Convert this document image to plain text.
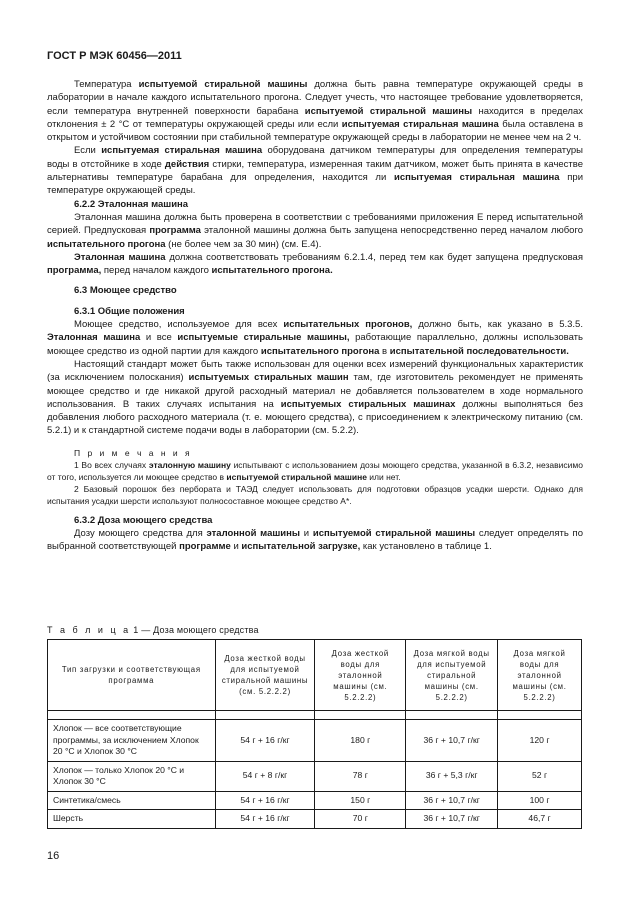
ГОСТ Р МЭК 60456—2011

Температура испытуемой стиральной машины должна быть равна температуре окружающей среды в лаборатории в начале каждого испытательного прогона. Следует учесть, что настоящее требование удовлетворяется, если температура внутренней поверхности барабана испытуемой стиральной машины находится в пределах отклонения ± 2 °С от температуры окружающей среды или если испытуемая стиральная машина была оставлена в открытом и устойчивом состоянии при стабильной температуре окружающей среды в лаборатории не менее чем на 2 ч.

Если испытуемая стиральная машина оборудована датчиком температуры для определения температуры воды в отстойнике в ходе действия стирки, температура, измеренная таким датчиком, может быть принята в качестве альтернативы температуре барабана для определения, находится ли испытуемая стиральная машина при температуре окружающей среды.

6.2.2 Эталонная машина

Эталонная машина должна быть проверена в соответствии с требованиями приложения Е перед испытательной серией. Предпусковая программа эталонной машины должна быть запущена непосредственно перед началом любого испытательного прогона (не более чем за 30 мин) (см. Е.4).

Эталонная машина должна соответствовать требованиям 6.2.1.4, перед тем как будет запущена предпусковая программа, перед началом каждого испытательного прогона.

6.3 Моющее средство

6.3.1 Общие положения

Моющее средство, используемое для всех испытательных прогонов, должно быть, как указано в 5.3.5. Эталонная машина и все испытуемые стиральные машины, работающие параллельно, должны использовать моющее средство из одной партии для каждого испытательного прогона в испытательной последовательности.

Настоящий стандарт может быть также использован для оценки всех измерений функциональных характеристик (за исключением полоскания) испытуемых стиральных машин там, где изготовитель рекомендует не применять моющее средство и где никакой другой расходный материал не добавляется пользователем в ходе нормального использования. В таких случаях испытания на испытуемых стиральных машинах должны выполняться без добавления любого расходного материала (т. е. моющего средства), с присоединением к электрическому питанию (см. 5.2.1) и к стандартной системе подачи воды в лаборатории (см. 5.2.2).

П р и м е ч а н и я

1 Во всех случаях эталонную машину испытывают с использованием дозы моющего средства, указанной в 6.3.2, независимо от того, используется ли моющее средство в испытуемой стиральной машине или нет.

2 Базовый порошок без пербората и ТАЭД следует использовать для подготовки образцов усадки шерсти. Однако для испытания усадки шерсти используют полносоставное моющее средство А*.

6.3.2 Доза моющего средства

Дозу моющего средства для эталонной машины и испытуемой стиральной машины следует определять по выбранной соответствующей программе и испытательной загрузке, как установлено в таблице 1.

Т а б л и ц а 1 — Доза моющего средства
Тип загрузки и соответствующая программа	Доза жесткой воды для испытуемой стиральной машины (см. 5.2.2.2)	Доза жесткой воды для эталонной машины (см. 5.2.2.2)	Доза мягкой воды для испытуемой стиральной машины (см. 5.2.2.2)	Доза мягкой воды для эталонной машины (см. 5.2.2.2)

Хлопок — все соответствующие программы, за исключением Хлопок 20 °С и Хлопок 30 °С	54 г + 16 г/кг	180 г	36 г + 10,7 г/кг	120 г
Хлопок — только Хлопок 20 °С и Хлопок 30 °С	54 г + 8 г/кг	78 г	36 г + 5,3 г/кг	52 г
Синтетика/смесь	54 г + 16 г/кг	150 г	36 г + 10,7 г/кг	100 г
Шерсть	54 г + 16 г/кг	70 г	36 г + 10,7 г/кг	46,7 г
16
